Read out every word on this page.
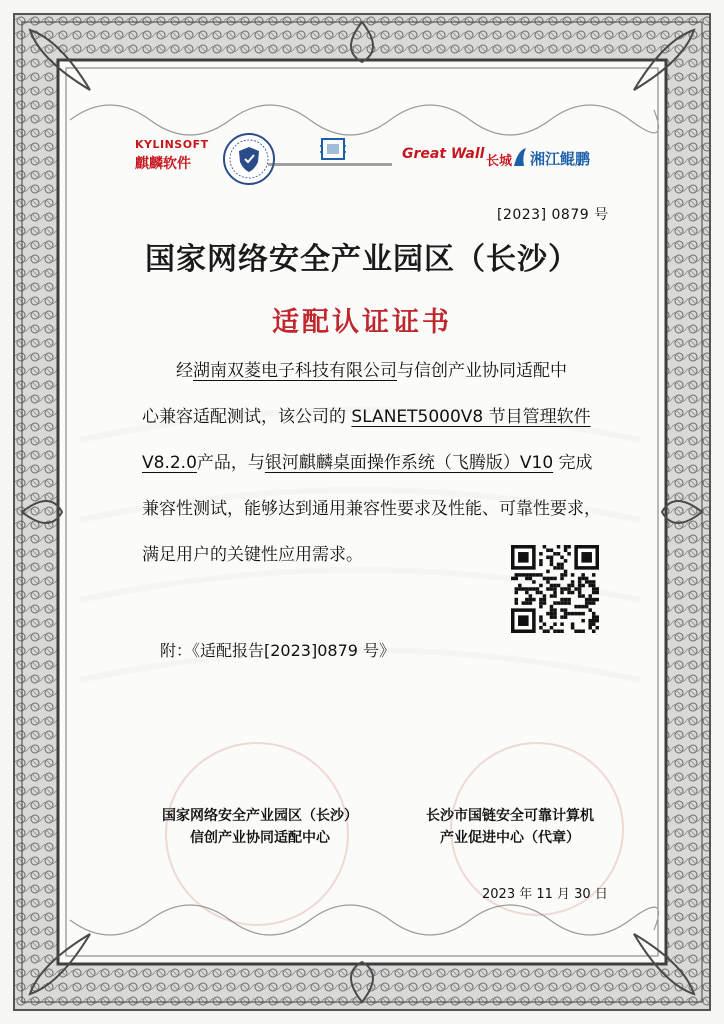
KYLINSOFT
麒麟软件
Great Wall 长城 湘江鲲鹏
[2023] 0879 号
国家网络安全产业园区（长沙）
适配认证证书
经湖南双菱电子科技有限公司与信创产业协同适配中
心兼容适配测试，该公司的 SLANET5000V8 节目管理软件
V8.2.0产品，与银河麒麟桌面操作系统（飞腾版）V10 完成
兼容性测试，能够达到通用兼容性要求及性能、可靠性要求，
满足用户的关键性应用需求。
附：《适配报告[2023]0879 号》
国家网络安全产业园区（长沙）
信创产业协同适配中心
长沙市国链安全可靠计算机
产业促进中心（代章）
2023 年 11 月 30 日
